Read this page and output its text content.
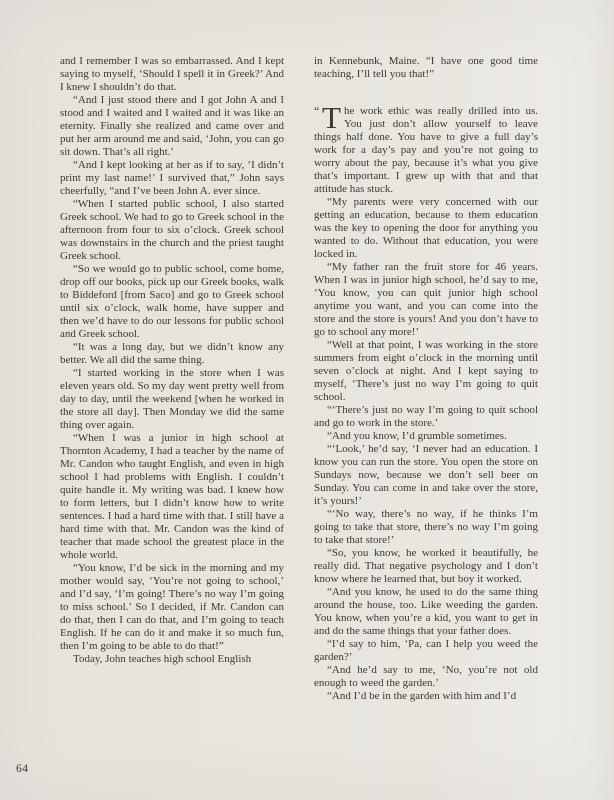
and I remember I was so embarrassed. And I kept saying to myself, ‘Should I spell it in Greek?’ And I knew I shouldn’t do that.

“And I just stood there and I got John A and I stood and I waited and I waited and it was like an eternity. Finally she realized and came over and put her arm around me and said, ‘John, you can go sit down. That’s all right.’

“And I kept looking at her as if to say, ‘I didn’t print my last name!’ I survived that,” John says cheerfully, “and I’ve been John A. ever since.

“When I started public school, I also started Greek school. We had to go to Greek school in the afternoon from four to six o’clock. Greek school was downstairs in the church and the priest taught Greek school.

“So we would go to public school, come home, drop off our books, pick up our Greek books, walk to Biddeford [from Saco] and go to Greek school until six o’clock, walk home, have supper and then we’d have to do our lessons for public school and Greek school.

“It was a long day, but we didn’t know any better. We all did the same thing.

“I started working in the store when I was eleven years old. So my day went pretty well from day to day, until the weekend [when he worked in the store all day]. Then Monday we did the same thing over again.

“When I was a junior in high school at Thornton Academy, I had a teacher by the name of Mr. Candon who taught English, and even in high school I had problems with English. I couldn’t quite handle it. My writing was bad. I knew how to form letters, but I didn’t know how to write sentences. I had a hard time with that. I still have a hard time with that. Mr. Candon was the kind of teacher that made school the greatest place in the whole world.

“You know, I’d be sick in the morning and my mother would say, ‘You’re not going to school,’ and I’d say, ‘I’m going! There’s no way I’m going to miss school.’ So I decided, if Mr. Candon can do that, then I can do that, and I’m going to teach English. If he can do it and make it so much fun, then I’m going to be able to do that!”

Today, John teaches high school English

in Kennebunk, Maine. “I have one good time teaching, I’ll tell you that!”

“ T he work ethic was really drilled into us. You just don’t allow yourself to leave things half done. You have to give a full day’s work for a day’s pay and you’re not going to worry about the pay, because it’s what you give that’s important. I grew up with that and that attitude has stuck.

“My parents were very concerned with our getting an education, because to them education was the key to opening the door for anything you wanted to do. Without that education, you were locked in.

“My father ran the fruit store for 46 years. When I was in junior high school, he’d say to me, ‘You know, you can quit junior high school anytime you want, and you can come into the store and the store is yours! And you don’t have to go to school any more!’

“Well at that point, I was working in the store summers from eight o’clock in the morning until seven o’clock at night. And I kept saying to myself, ‘There’s just no way I’m going to quit school.

“‘There’s just no way I’m going to quit school and go to work in the store.’

“And you know, I’d grumble sometimes.

“‘Look,’ he’d say, ‘I never had an education. I know you can run the store. You open the store on Sundays now, because we don’t sell beer on Sunday. You can come in and take over the store, it’s yours!’

“‘No way, there’s no way, if he thinks I’m going to take that store, there’s no way I’m going to take that store!’

“So, you know, he worked it beautifully, he really did. That negative psychology and I don’t know where he learned that, but boy it worked.

“And you know, he used to do the same thing around the house, too. Like weeding the garden. You know, when you’re a kid, you want to get in and do the same things that your father does.

“I’d say to him, ‘Pa, can I help you weed the garden?’

“And he’d say to me, ‘No, you’re not old enough to weed the garden.’

“And I’d be in the garden with him and I’d

64
